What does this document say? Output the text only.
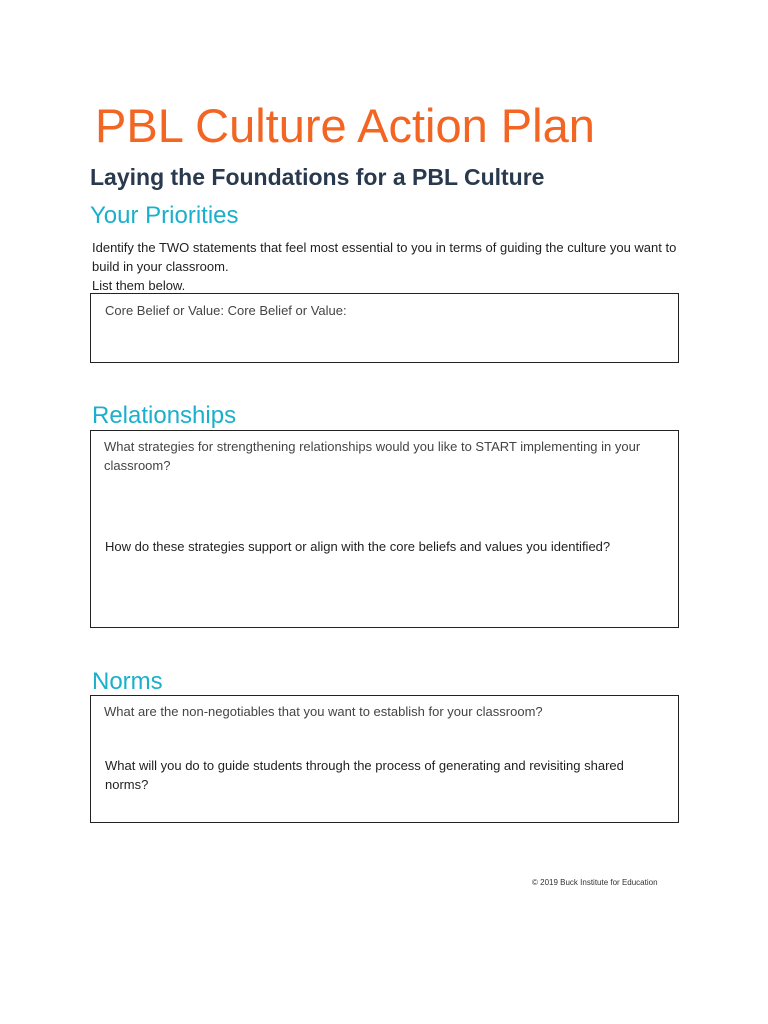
PBL Culture Action Plan
Laying the Foundations for a PBL Culture
Your Priorities
Identify the TWO statements that feel most essential to you in terms of guiding the culture you want to build in your classroom.
List them below.
Core Belief or Value: Core Belief or Value:
Relationships
What strategies for strengthening relationships would you like to START implementing in your classroom?
How do these strategies support or align with the core beliefs and values you identified?
Norms
What are the non-negotiables that you want to establish for your classroom?
What will you do to guide students through the process of generating and revisiting shared norms?
© 2019 Buck Institute for Education
